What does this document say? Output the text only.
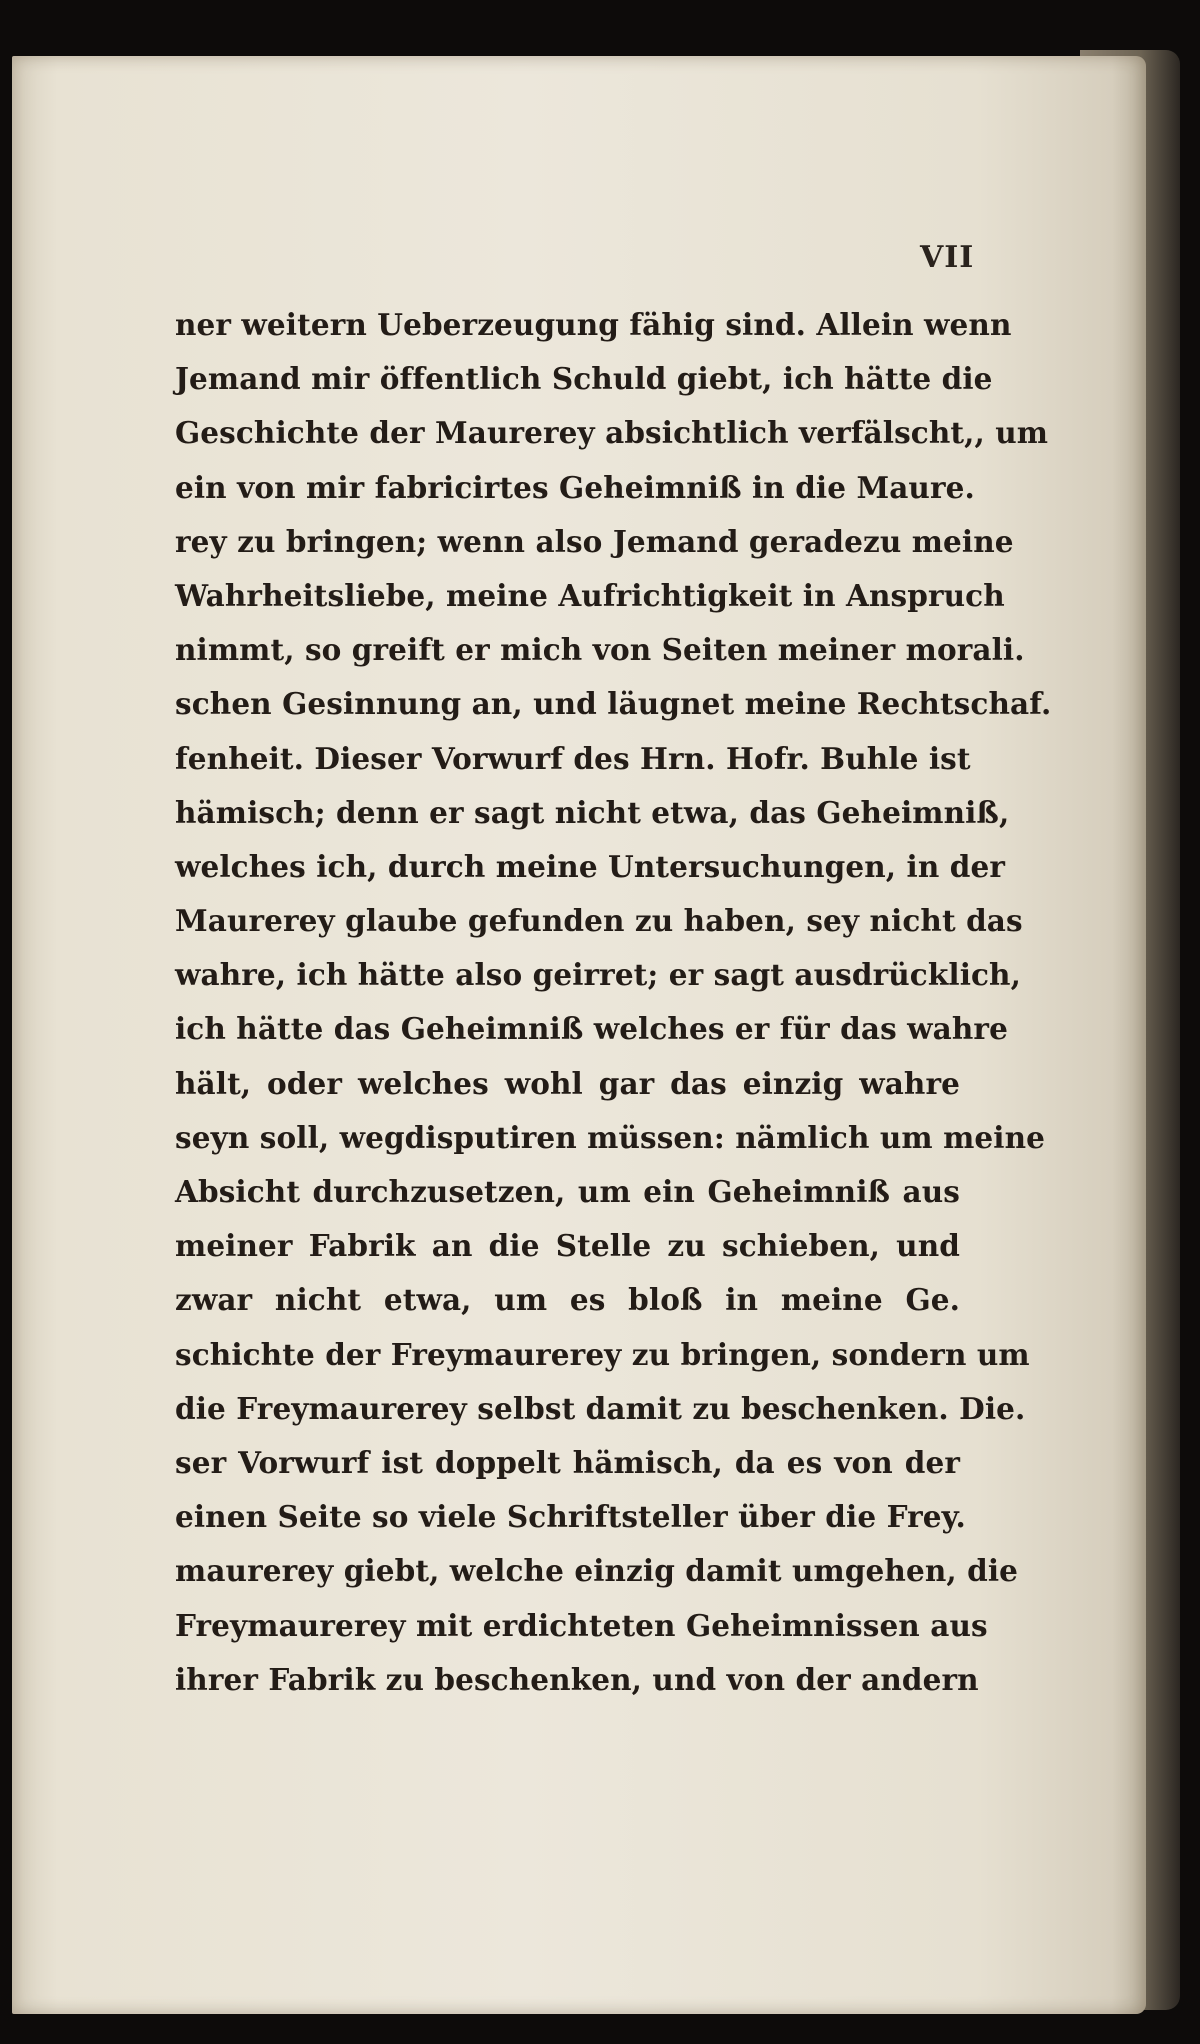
VII
ner weitern Ueberzeugung fähig sind. Allein wenn
Jemand mir öffentlich Schuld giebt, ich hätte die
Geschichte der Maurerey absichtlich verfälscht,, um
ein von mir fabricirtes Geheimniß in die Maure.
rey zu bringen; wenn also Jemand geradezu meine
Wahrheitsliebe, meine Aufrichtigkeit in Anspruch
nimmt, so greift er mich von Seiten meiner morali.
schen Gesinnung an, und läugnet meine Rechtschaf.
fenheit. Dieser Vorwurf des Hrn. Hofr. Buhle ist
hämisch; denn er sagt nicht etwa, das Geheimniß,
welches ich, durch meine Untersuchungen, in der
Maurerey glaube gefunden zu haben, sey nicht das
wahre, ich hätte also geirret; er sagt ausdrücklich,
ich hätte das Geheimniß welches er für das wahre
hält, oder welches wohl gar das einzig wahre
seyn soll, wegdisputiren müssen: nämlich um meine
Absicht durchzusetzen, um ein Geheimniß aus
meiner Fabrik an die Stelle zu schieben, und
zwar nicht etwa, um es bloß in meine Ge.
schichte der Freymaurerey zu bringen, sondern um
die Freymaurerey selbst damit zu beschenken. Die.
ser Vorwurf ist doppelt hämisch, da es von der
einen Seite so viele Schriftsteller über die Frey.
maurerey giebt, welche einzig damit umgehen, die
Freymaurerey mit erdichteten Geheimnissen aus
ihrer Fabrik zu beschenken, und von der andern
